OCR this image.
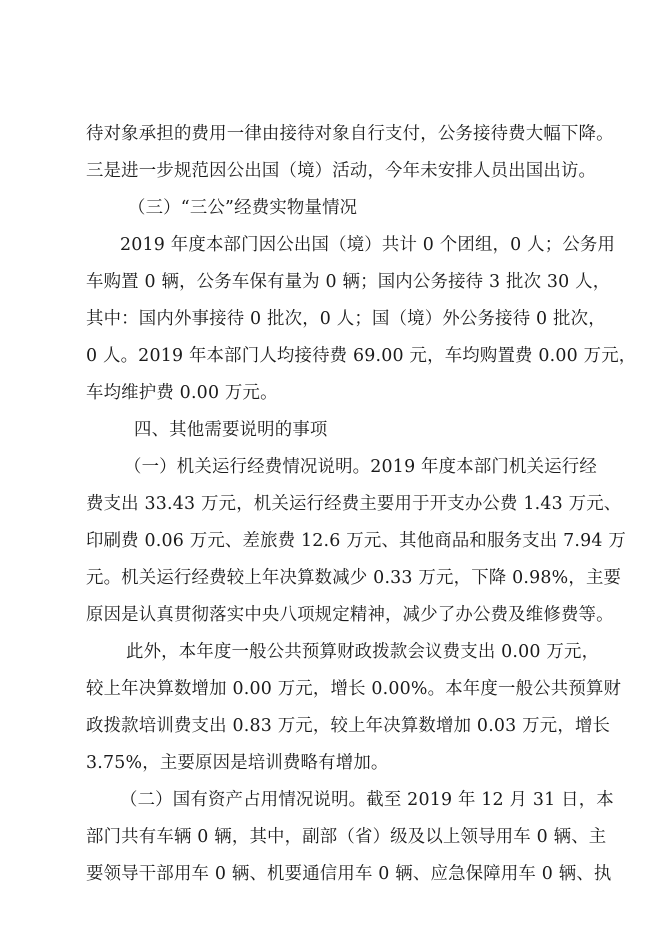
待对象承担的费用一律由接待对象自行支付，公务接待费大幅下降。
三是进一步规范因公出国（境）活动，今年未安排人员出国出访。
（三）“三公”经费实物量情况
2019 年度本部门因公出国（境）共计 0 个团组，0 人；公务用
车购置 0 辆，公务车保有量为 0 辆；国内公务接待 3 批次 30 人，
其中：国内外事接待 0 批次，0 人；国（境）外公务接待 0 批次，
0 人。2019 年本部门人均接待费 69.00 元，车均购置费 0.00 万元，
车均维护费 0.00 万元。
四、其他需要说明的事项
（一）机关运行经费情况说明。2019 年度本部门机关运行经
费支出 33.43 万元，机关运行经费主要用于开支办公费 1.43 万元、
印刷费 0.06 万元、差旅费 12.6 万元、其他商品和服务支出 7.94 万
元。机关运行经费较上年决算数减少 0.33 万元，下降 0.98%，主要
原因是认真贯彻落实中央八项规定精神，减少了办公费及维修费等。
此外，本年度一般公共预算财政拨款会议费支出 0.00 万元，
较上年决算数增加 0.00 万元，增长 0.00%。本年度一般公共预算财
政拨款培训费支出 0.83 万元，较上年决算数增加 0.03 万元，增长
3.75%，主要原因是培训费略有增加。
（二）国有资产占用情况说明。截至 2019 年 12 月 31 日，本
部门共有车辆 0 辆，其中，副部（省）级及以上领导用车 0 辆、主
要领导干部用车 0 辆、机要通信用车 0 辆、应急保障用车 0 辆、执
